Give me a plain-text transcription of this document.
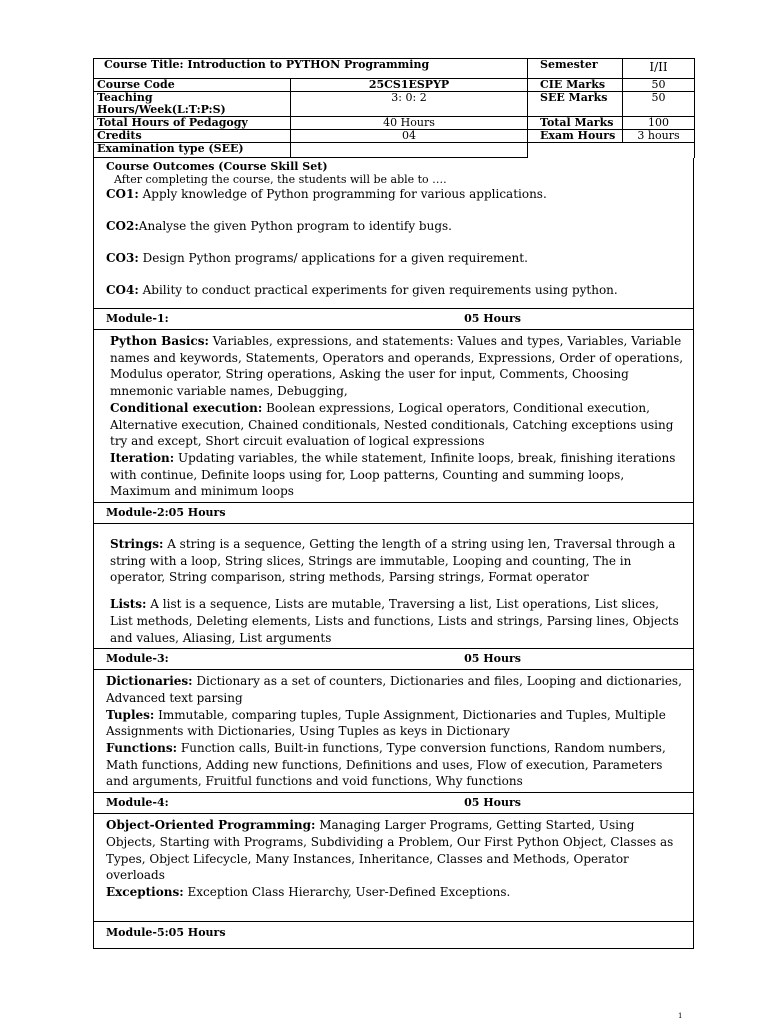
Course Title: Introduction to PYTHON Programming		Semester	I/II
Course Code	25CS1ESPYP	CIE Marks	50

Teaching
Hours/Week(L:T:P:S)	3: 0: 2	SEE Marks	50
Total Hours of Pedagogy	40 Hours	Total Marks	100
Credits	04	Exam Hours	3 hours
Examination type (SEE)			
Course Outcomes (Course Skill Set)
After completing the course, the students will be able to ….

CO1: Apply knowledge of Python programming for various applications.

CO2:Analyse the given Python program to identify bugs.

CO3: Design Python programs/ applications for a given requirement.

CO4: Ability to conduct practical experiments for given requirements using python.

Module-1:	05 Hours

Python Basics: Variables, expressions, and statements: Values and types, Variables, Variable names and keywords, Statements, Operators and operands, Expressions, Order of operations, Modulus operator, String operations, Asking the user for input, Comments, Choosing mnemonic variable names, Debugging,

Conditional execution: Boolean expressions, Logical operators, Conditional execution, Alternative execution, Chained conditionals, Nested conditionals, Catching exceptions using try and except, Short circuit evaluation of logical expressions

Iteration: Updating variables, the while statement, Infinite loops, break, finishing iterations with continue, Definite loops using for, Loop patterns, Counting and summing loops, Maximum and minimum loops

Module-2:05 Hours

Strings: A string is a sequence, Getting the length of a string using len, Traversal through a string with a loop, String slices, Strings are immutable, Looping and counting, The in operator, String comparison, string methods, Parsing strings, Format operator

Lists: A list is a sequence, Lists are mutable, Traversing a list, List operations, List slices, List methods, Deleting elements, Lists and functions, Lists and strings, Parsing lines, Objects and values, Aliasing, List arguments

Module-3:	05 Hours

Dictionaries: Dictionary as a set of counters, Dictionaries and files, Looping and dictionaries, Advanced text parsing

Tuples: Immutable, comparing tuples, Tuple Assignment, Dictionaries and Tuples, Multiple Assignments with Dictionaries, Using Tuples as keys in Dictionary

Functions: Function calls, Built-in functions, Type conversion functions, Random numbers, Math functions, Adding new functions, Definitions and uses, Flow of execution, Parameters and arguments, Fruitful functions and void functions, Why functions

Module-4:	05 Hours

Object-Oriented Programming: Managing Larger Programs, Getting Started, Using Objects, Starting with Programs, Subdividing a Problem, Our First Python Object, Classes as Types, Object Lifecycle, Many Instances, Inheritance, Classes and Methods, Operator overloads

Exceptions: Exception Class Hierarchy, User-Defined Exceptions.

Module-5:05 Hours
1
